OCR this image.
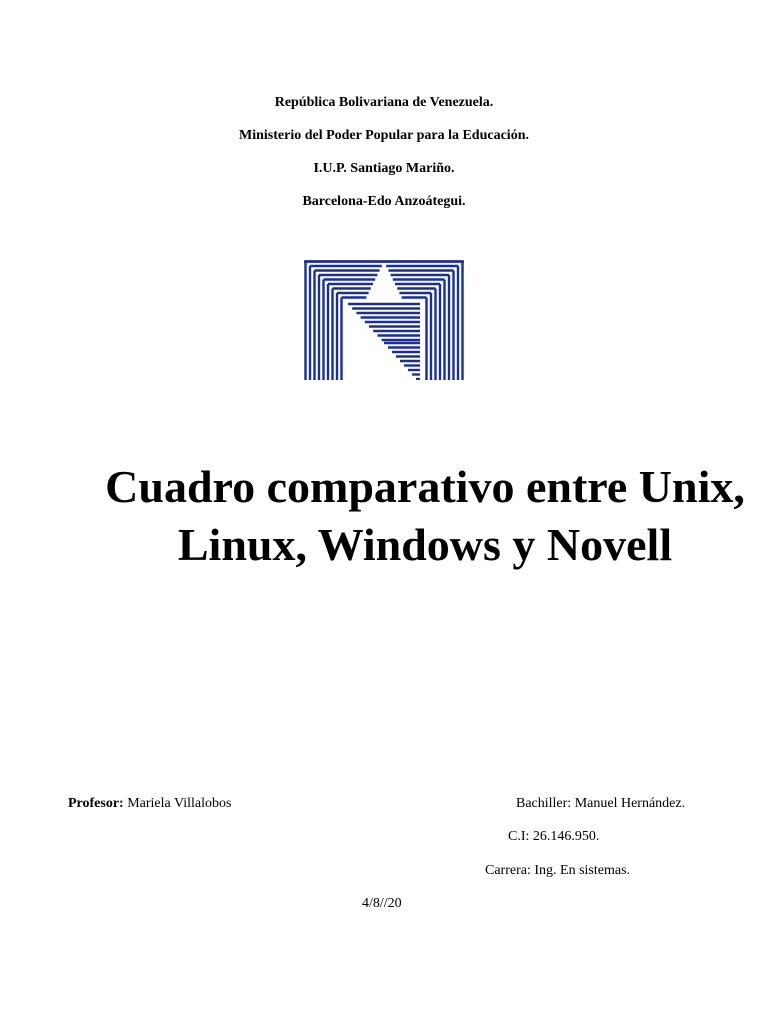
República Bolivariana de Venezuela.
Ministerio del Poder Popular para la Educación.
I.U.P. Santiago Mariño.
Barcelona-Edo Anzoátegui.
Cuadro comparativo entre Unix,
Linux, Windows y Novell
Profesor: Mariela Villalobos	Bachiller: Manuel Hernández.
C.I: 26.146.950.
Carrera: Ing. En sistemas.
4/8//20
